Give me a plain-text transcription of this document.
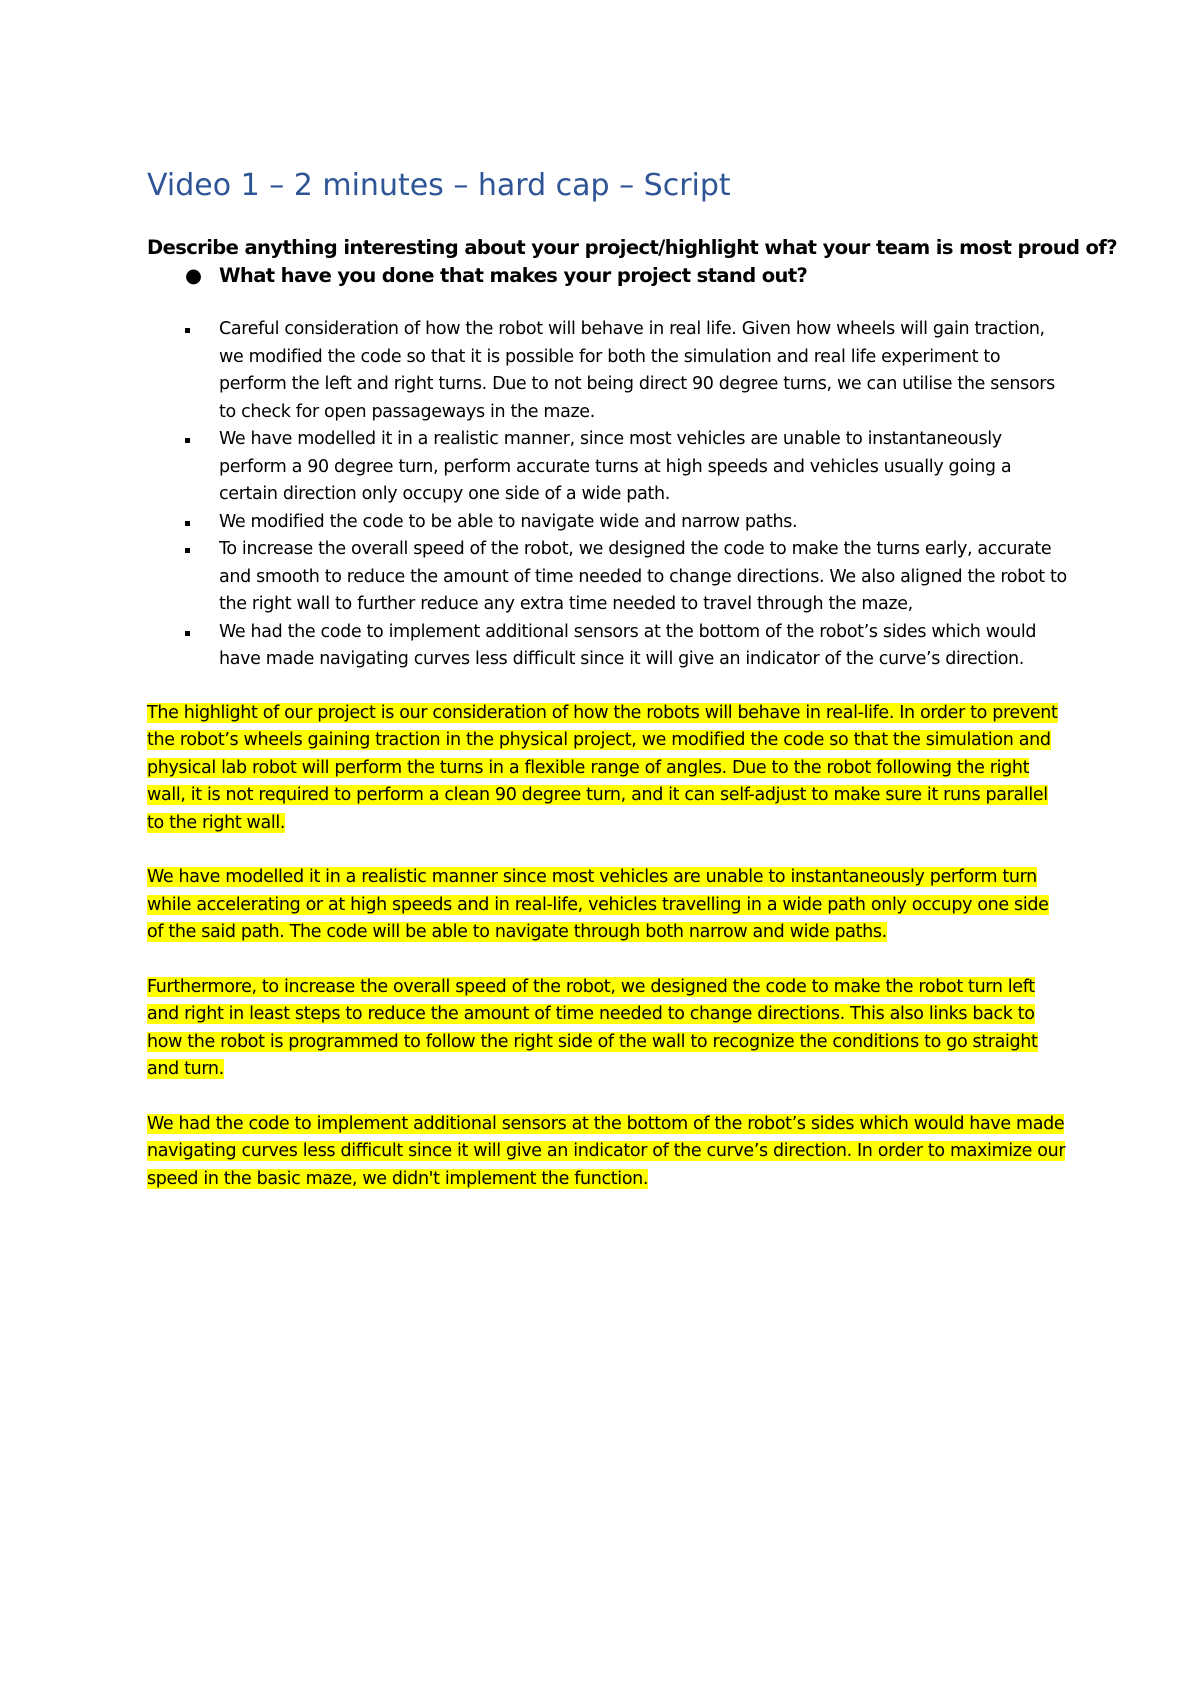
Video 1 – 2 minutes – hard cap – Script

Describe anything interesting about your project/highlight what your team is most proud of?

● What have you done that makes your project stand out?

Careful consideration of how the robot will behave in real life. Given how wheels will gain traction, we modified the code so that it is possible for both the simulation and real life experiment to perform the left and right turns. Due to not being direct 90 degree turns, we can utilise the sensors to check for open passageways in the maze.
We have modelled it in a realistic manner, since most vehicles are unable to instantaneously perform a 90 degree turn, perform accurate turns at high speeds and vehicles usually going a certain direction only occupy one side of a wide path.
We modified the code to be able to navigate wide and narrow paths.
To increase the overall speed of the robot, we designed the code to make the turns early, accurate and smooth to reduce the amount of time needed to change directions. We also aligned the robot to the right wall to further reduce any extra time needed to travel through the maze,
We had the code to implement additional sensors at the bottom of the robot’s sides which would have made navigating curves less difficult since it will give an indicator of the curve’s direction.

The highlight of our project is our consideration of how the robots will behave in real-life. In order to prevent the robot’s wheels gaining traction in the physical project, we modified the code so that the simulation and physical lab robot will perform the turns in a flexible range of angles. Due to the robot following the right wall, it is not required to perform a clean 90 degree turn, and it can self-adjust to make sure it runs parallel to the right wall.

We have modelled it in a realistic manner since most vehicles are unable to instantaneously perform turn while accelerating or at high speeds and in real-life, vehicles travelling in a wide path only occupy one side of the said path. The code will be able to navigate through both narrow and wide paths.

Furthermore, to increase the overall speed of the robot, we designed the code to make the robot turn left and right in least steps to reduce the amount of time needed to change directions. This also links back to how the robot is programmed to follow the right side of the wall to recognize the conditions to go straight and turn.

We had the code to implement additional sensors at the bottom of the robot’s sides which would have made navigating curves less difficult since it will give an indicator of the curve’s direction. In order to maximize our speed in the basic maze, we didn't implement the function.
